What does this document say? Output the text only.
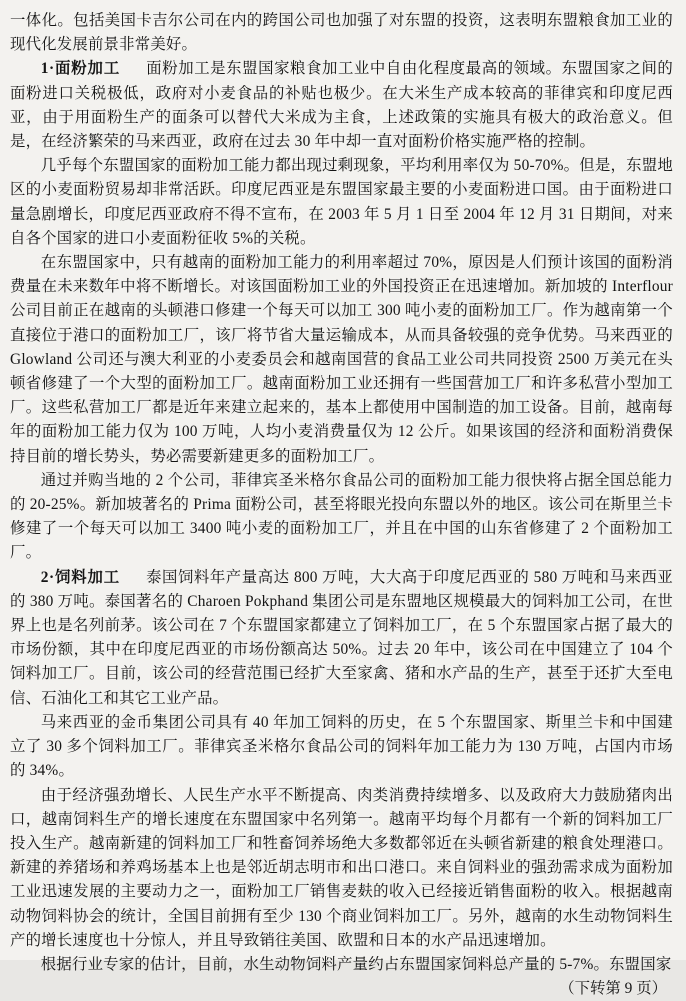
一体化。包括美国卡吉尔公司在内的跨国公司也加强了对东盟的投资，这表明东盟粮食加工业的现代化发展前景非常美好。

1·面粉加工 面粉加工是东盟国家粮食加工业中自由化程度最高的领域。东盟国家之间的面粉进口关税极低，政府对小麦食品的补贴也极少。在大米生产成本较高的菲律宾和印度尼西亚，由于用面粉生产的面条可以替代大米成为主食，上述政策的实施具有极大的政治意义。但是，在经济繁荣的马来西亚，政府在过去 30 年中却一直对面粉价格实施严格的控制。

几乎每个东盟国家的面粉加工能力都出现过剩现象，平均利用率仅为 50-70%。但是，东盟地区的小麦面粉贸易却非常活跃。印度尼西亚是东盟国家最主要的小麦面粉进口国。由于面粉进口量急剧增长，印度尼西亚政府不得不宣布，在 2003 年 5 月 1 日至 2004 年 12 月 31 日期间，对来自各个国家的进口小麦面粉征收 5%的关税。

在东盟国家中，只有越南的面粉加工能力的利用率超过 70%，原因是人们预计该国的面粉消费量在未来数年中将不断增长。对该国面粉加工业的外国投资正在迅速增加。新加坡的 Interflour 公司目前正在越南的头顿港口修建一个每天可以加工 300 吨小麦的面粉加工厂。作为越南第一个直接位于港口的面粉加工厂，该厂将节省大量运输成本，从而具备较强的竞争优势。马来西亚的 Glowland 公司还与澳大利亚的小麦委员会和越南国营的食品工业公司共同投资 2500 万美元在头顿省修建了一个大型的面粉加工厂。越南面粉加工业还拥有一些国营加工厂和许多私营小型加工厂。这些私营加工厂都是近年来建立起来的，基本上都使用中国制造的加工设备。目前，越南每年的面粉加工能力仅为 100 万吨，人均小麦消费量仅为 12 公斤。如果该国的经济和面粉消费保持目前的增长势头，势必需要新建更多的面粉加工厂。

通过并购当地的 2 个公司，菲律宾圣米格尔食品公司的面粉加工能力很快将占据全国总能力的 20-25%。新加坡著名的 Prima 面粉公司，甚至将眼光投向东盟以外的地区。该公司在斯里兰卡修建了一个每天可以加工 3400 吨小麦的面粉加工厂，并且在中国的山东省修建了 2 个面粉加工厂。

2·饲料加工 泰国饲料年产量高达 800 万吨，大大高于印度尼西亚的 580 万吨和马来西亚的 380 万吨。泰国著名的 Charoen Pokphand 集团公司是东盟地区规模最大的饲料加工公司，在世界上也是名列前茅。该公司在 7 个东盟国家都建立了饲料加工厂，在 5 个东盟国家占据了最大的市场份额，其中在印度尼西亚的市场份额高达 50%。过去 20 年中，该公司在中国建立了 104 个饲料加工厂。目前，该公司的经营范围已经扩大至家禽、猪和水产品的生产，甚至于还扩大至电信、石油化工和其它工业产品。

马来西亚的金币集团公司具有 40 年加工饲料的历史，在 5 个东盟国家、斯里兰卡和中国建立了 30 多个饲料加工厂。菲律宾圣米格尔食品公司的饲料年加工能力为 130 万吨，占国内市场的 34%。

由于经济强劲增长、人民生产水平不断提高、肉类消费持续增多、以及政府大力鼓励猪肉出口，越南饲料生产的增长速度在东盟国家中名列第一。越南平均每个月都有一个新的饲料加工厂投入生产。越南新建的饲料加工厂和牲畜饲养场绝大多数都邻近在头顿省新建的粮食处理港口。新建的养猪场和养鸡场基本上也是邻近胡志明市和出口港口。来自饲料业的强劲需求成为面粉加工业迅速发展的主要动力之一，面粉加工厂销售麦麸的收入已经接近销售面粉的收入。根据越南动物饲料协会的统计，全国目前拥有至少 130 个商业饲料加工厂。另外，越南的水生动物饲料生产的增长速度也十分惊人，并且导致销往美国、欧盟和日本的水产品迅速增加。

根据行业专家的估计，目前，水生动物饲料产量约占东盟国家饲料总产量的 5-7%。东盟国家

（下转第 9 页）
